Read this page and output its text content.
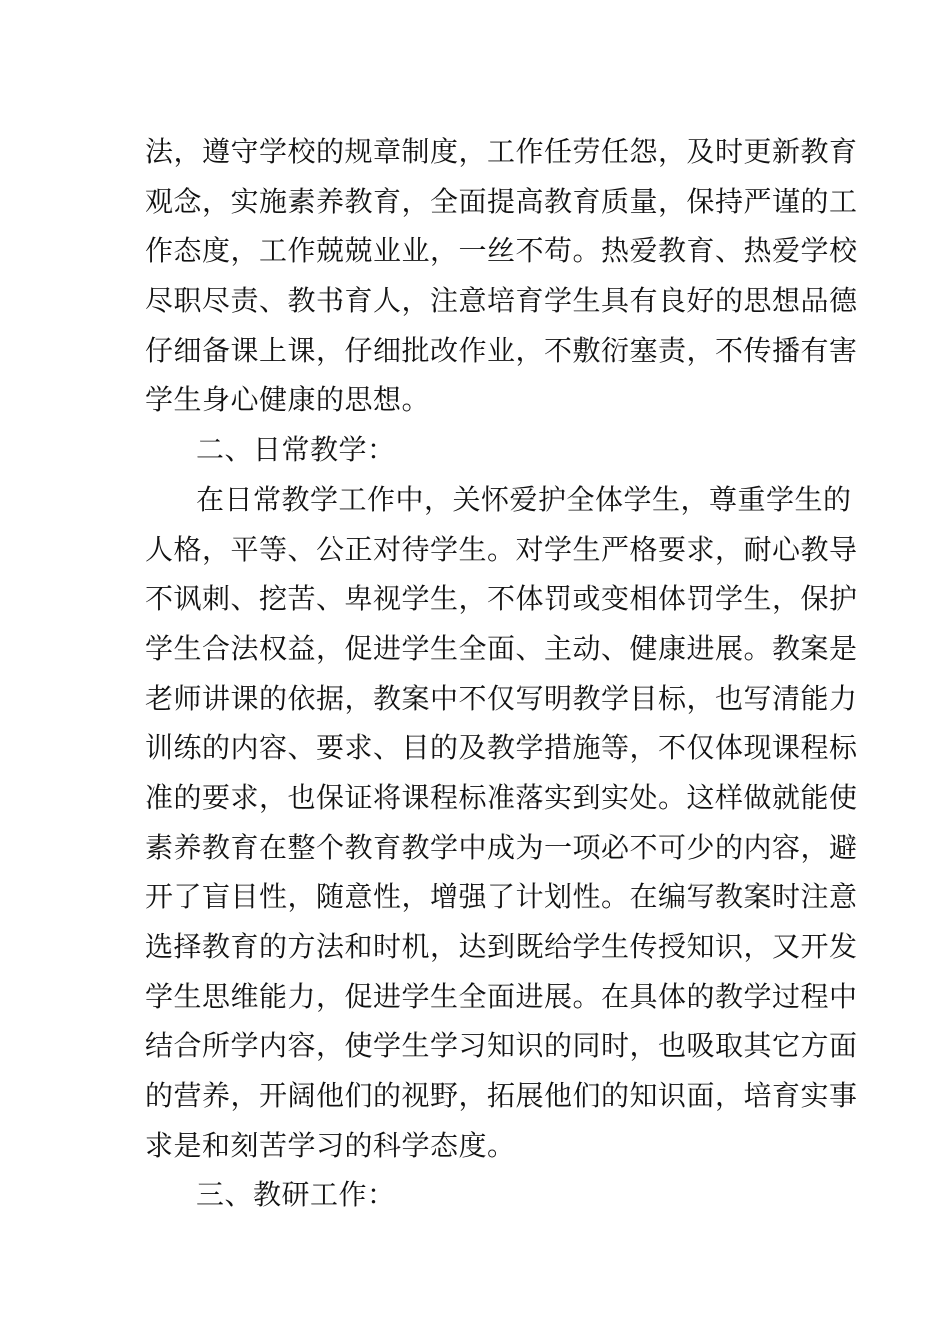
法，遵守学校的规章制度，工作任劳任怨，及时更新教育
观念，实施素养教育，全面提高教育质量，保持严谨的工
作态度，工作兢兢业业，一丝不苟。热爱教育、热爱学校
尽职尽责、教书育人，注意培育学生具有良好的思想品德
仔细备课上课，仔细批改作业，不敷衍塞责，不传播有害
学生身心健康的思想。
二、日常教学：
在日常教学工作中，关怀爱护全体学生，尊重学生的
人格，平等、公正对待学生。对学生严格要求，耐心教导
不讽刺、挖苦、卑视学生，不体罚或变相体罚学生，保护
学生合法权益，促进学生全面、主动、健康进展。教案是
老师讲课的依据，教案中不仅写明教学目标，也写清能力
训练的内容、要求、目的及教学措施等，不仅体现课程标
准的要求，也保证将课程标准落实到实处。这样做就能使
素养教育在整个教育教学中成为一项必不可少的内容，避
开了盲目性，随意性，增强了计划性。在编写教案时注意
选择教育的方法和时机，达到既给学生传授知识，又开发
学生思维能力，促进学生全面进展。在具体的教学过程中
结合所学内容，使学生学习知识的同时，也吸取其它方面
的营养，开阔他们的视野，拓展他们的知识面，培育实事
求是和刻苦学习的科学态度。
三、教研工作：
